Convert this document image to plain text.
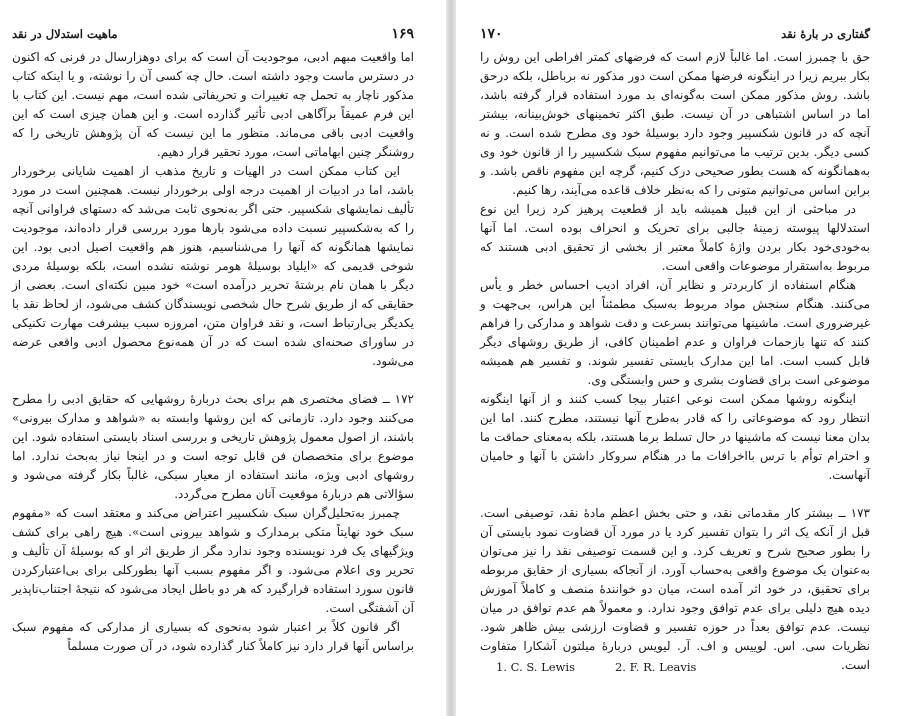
۱۶۹
ماهیت استدلال در نقد

اما واقعیت مبهم ادبی، موجودیت آن است که برای دوهزارسال در فرنی که اکنون در دسترس ماست وجود داشته است. حال چه کسی آن را نوشته، و یا اینکه کتاب مذکور ناچار به تحمل چه تغییرات و تحریفاتی شده است، مهم نیست. این کتاب با این فرم عمیقاً برآگاهی ادبی تأثیر گذارده است. و این همان چیزی است که این واقعیت ادبی باقی می‌ماند. منظور ما این نیست که آن پژوهش تاریخی را که روشنگر چنین ابهاماتی است، مورد تحقیر قرار دهیم.

این کتاب ممکن است در الهیات و تاریخ مذهب از اهمیت شایانی برخوردار باشد، اما در ادبیات از اهمیت درجه اولی برخوردار نیست. همچنین است در مورد تألیف نمایشهای شکسپیر. حتی اگر به‌نحوی ثابت می‌شد که دستهای فراوانی آنچه را که به‌شکسپیر نسبت داده می‌شود بارها مورد بررسی قرار داده‌اند، موجودیت نمایشها همانگونه که آنها را می‌شناسیم، هنوز هم واقعیت اصیل ادبی بود. این شوخی قدیمی که «ایلیاد بوسیلهٔ هومر نوشته نشده است، بلکه بوسیلهٔ مردی دیگر با همان نام برشتهٔ تحریر درآمده است» خود مبین نکته‌ای است. بعضی از حقایقی که از طریق شرح حال شخصی نویسندگان کشف می‌شود، از لحاظ نقد با یکدیگر بی‌ارتباط است، و نقد فراوان متن، امروزه سبب بیشرفت مهارت تکنیکی در ساورای صحنه‌ای شده است که در آن همه‌نوع محصول ادبی واقعی عرضه می‌شود.

۱۷۲ ــ فضای مختصری هم برای بحث دربارهٔ روشهایی که حقایق ادبی را مطرح می‌کنند وجود دارد. تازمانی که این روشها وابسته به «شواهد و مدارک بیرونی» باشند، از اصول معمول پژوهش تاریخی و بررسی اسناد بایستی استفاده شود. این موضوع برای متخصصان فن قابل توجه است و در اینجا نیاز به‌بحث ندارد. اما روشهای ادبی ویژه، مانند استفاده از معیار سبکی، غالباً بکار گرفته می‌شود و سؤالاتی هم دربارهٔ موقعیت آنان مطرح می‌گردد.

چمبرز به‌تحلیل‌گران سبک شکسپیر اعتراض می‌کند و معتقد است که «مفهوم سبک خود نهایتاً متکی بر‌مدارک و شواهد بیرونی است». هیچ راهی برای کشف ویژگیهای یک فرد نویسنده وجود ندارد مگر از طریق اثر او که بوسیلهٔ آن تألیف و تحریر وی اعلام می‌شود. و اگر مفهوم بسبب آنها بطورکلی برای بی‌اعتبارکردن قانون سورد استفاده قرارگیرد که هر دو باطل ایجاد می‌شود که نتیجهٔ اجتناب‌ناپذیر آن آشفتگی است.

اگر قانون کلاً بر اعتبار شود به‌نحوی که بسیاری از مدارکی که مفهوم سبک براساس آنها قرار دارد نیز کاملاً کنار گذارده شود، در آن صورت مسلماً

گفتاری در بارهٔ نقد
۱۷۰

حق با چمبرز است. اما غالباً لازم است که فرضهای کمتر افراطی این روش را بکار ببریم زیرا در اینگونه فرضها ممکن است دور مذکور نه برباطل، بلکه درحق باشد. روش مذکور ممکن است به‌گونه‌ای بد مورد استفاده قرار گرفته باشد، اما در اساس اشتباهی در آن نیست. طبق اکثر تخمینهای خوش‌بینانه، بیشتر آنچه که در قانون شکسپیر وجود دارد بوسیلهٔ خود وی مطرح شده است. و نه کسی دیگر. بدین ترتیب ما می‌توانیم مفهوم سبک شکسپیر را از قانون خود وی به‌همانگونه که هست بطور صحیحی درک کنیم، گرچه این مفهوم ناقص باشد. و براین اساس می‌توانیم متونی را که به‌نظر خلاف قاعده می‌آیند، رها کنیم.

در مباحثی از این قبیل همیشه باید از قطعیت پرهیز کرد زیرا این نوع استدلالها پیوسته زمینهٔ جالبی برای تحریک و انحراف بوده است. اما آنها به‌خودی‌خود بکار بردن واژهٔ کاملاً معتبر از بخشی از تحقیق ادبی هستند که مربوط به‌استقرار موضوعات واقعی است.

هنگام استفاده از کاربردتر و نظایر آن، افراد ادیب احساس خطر و یأس می‌کنند. هنگام سنجش مواد مربوط به‌سبک مطمئناً این هراس، بی‌جهت و غیرضروری است. ماشینها می‌توانند بسرعت و دقت شواهد و مدارکی را فراهم کنند که تنها بازحمات فراوان و عدم اطمینان کافی، از طریق روشهای دیگر قابل کسب است. اما این مدارک بایستی تفسیر شوند. و تفسیر هم همیشه موضوعی است برای قضاوت بشری و حس وابستگی وی.

اینگونه روشها ممکن است نوعی اعتبار بیجا کسب کنند و از آنها اینگونه انتظار رود که موضوعاتی را که قادر به‌طرح آنها نیستند، مطرح کنند. اما این بدان معنا نیست که ماشینها در حال تسلط برما هستند، بلکه به‌معنای حماقت ما و احترام توأم با ترس بااخرافات ما در هنگام سروکار داشتن با آنها و حامیان آنهاست.

۱۷۳ ــ بیشتر کار مقدماتی نقد، و حتی بخش اعظم مادهٔ نقد، توصیفی است. قبل از آنکه یک اثر را بتوان تفسیر کرد یا در مورد آن قضاوت نمود بایستی آن را بطور صحیح شرح و تعریف کرد. و این قسمت توصیفی نقد را نیز می‌توان به‌عنوان یک موضوع واقعی به‌حساب آورد. از آنجاکه بسیاری از حقایق مربوطه برای تحقیق، در خود اثر آمده است، میان دو خوانندهٔ منصف و کاملاً آموزش دیده هیچ دلیلی برای عدم توافق وجود ندارد. و معمولاً هم عدم توافق در میان نیست. عدم توافق بعداً در حوزه تفسیر و قضاوت ارزشی بیش ظاهر شود. نظریات سی. اس. لوییس و اف. آر. لیویس دربارهٔ میلتون آشکارا متفاوت است.

1. C. S. Lewis	2. F. R. Leavis
